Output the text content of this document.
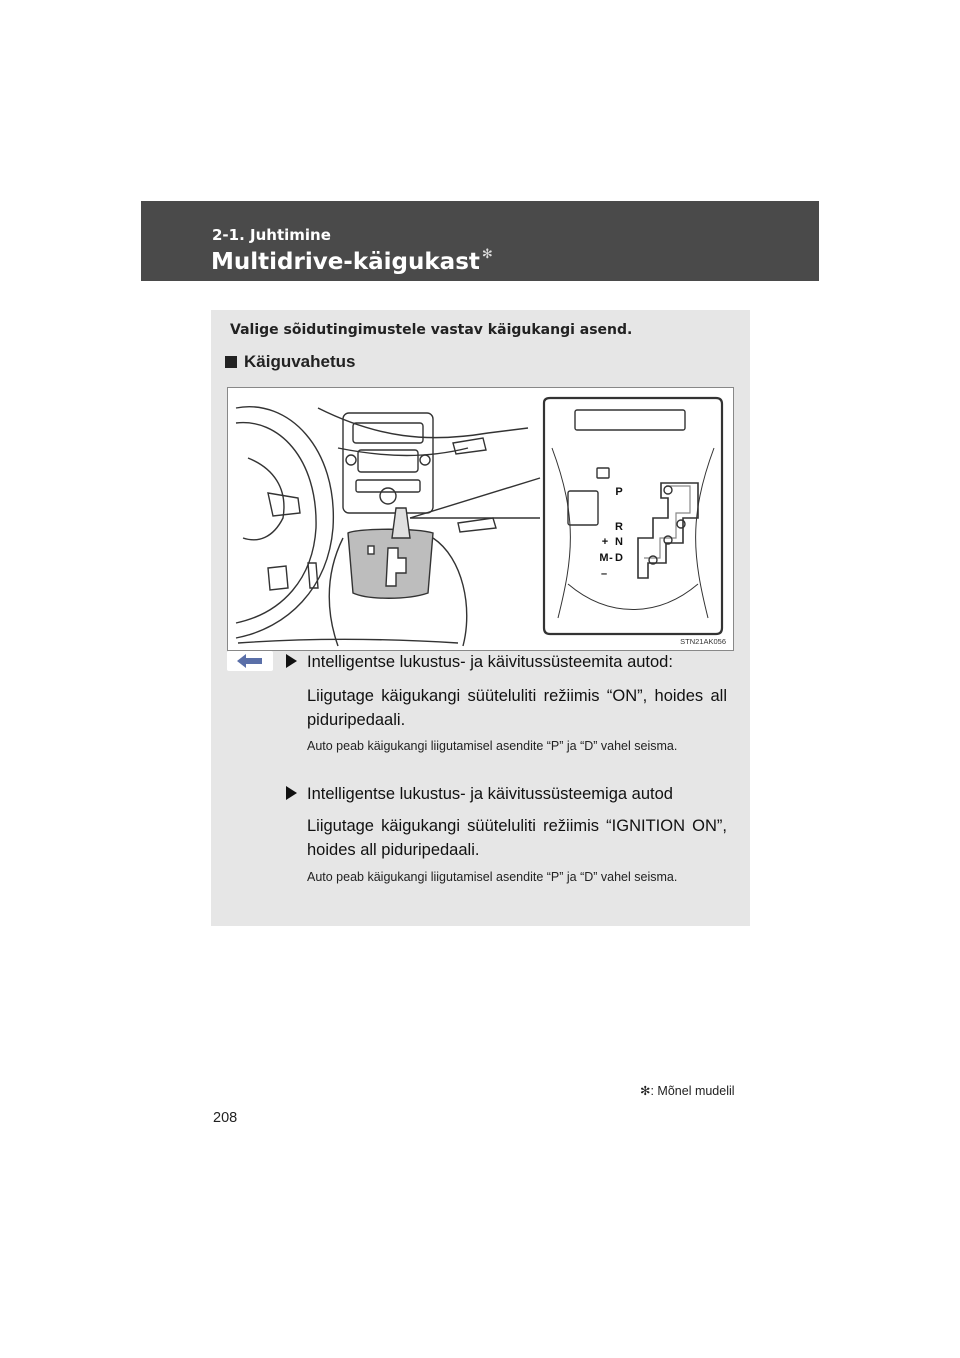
2-1. Juhtimine
Multidrive-käigukast ✻
Valige sõidutingimustele vastav käigukangi asend.
Käiguvahetus
P
R
N
D
+
M -
–
STN21AK056
Intelligentse lukustus- ja käivitussüsteemita autod:
Liigutage käigukangi süüteluliti režiimis “ON”, hoides all piduripedaali.
Auto peab käigukangi liigutamisel asendite “P” ja “D” vahel seisma.
Intelligentse lukustus- ja käivitussüsteemiga autod
Liigutage käigukangi süüteluliti režiimis “IGNITION ON”, hoides all piduripedaali.
Auto peab käigukangi liigutamisel asendite “P” ja “D” vahel seisma.
✻: Mõnel mudelil
208
